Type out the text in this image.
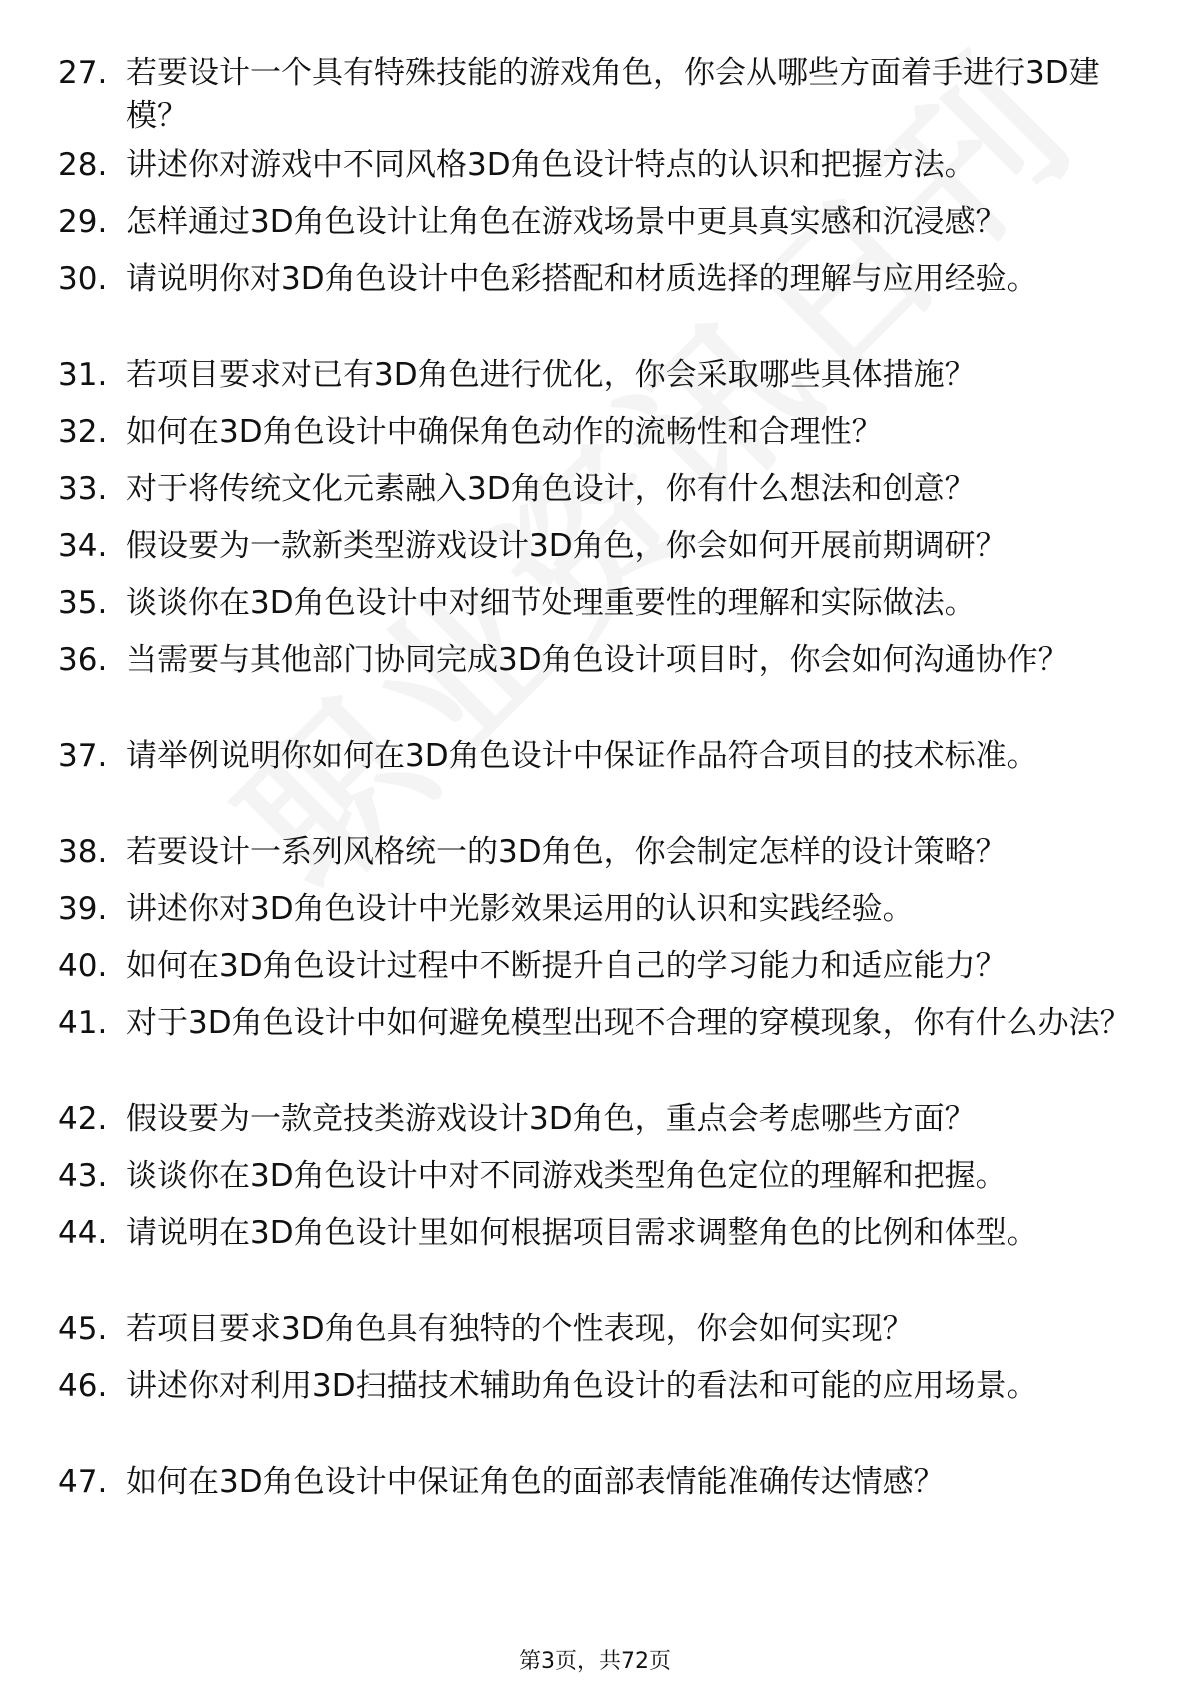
27. 若要设计一个具有特殊技能的游戏角色，你会从哪些方面着手进行3D建模？
28. 讲述你对游戏中不同风格3D角色设计特点的认识和把握方法。
29. 怎样通过3D角色设计让角色在游戏场景中更具真实感和沉浸感？
30. 请说明你对3D角色设计中色彩搭配和材质选择的理解与应用经验。
31. 若项目要求对已有3D角色进行优化，你会采取哪些具体措施？
32. 如何在3D角色设计中确保角色动作的流畅性和合理性？
33. 对于将传统文化元素融入3D角色设计，你有什么想法和创意？
34. 假设要为一款新类型游戏设计3D角色，你会如何开展前期调研？
35. 谈谈你在3D角色设计中对细节处理重要性的理解和实际做法。
36. 当需要与其他部门协同完成3D角色设计项目时，你会如何沟通协作？
37. 请举例说明你如何在3D角色设计中保证作品符合项目的技术标准。
38. 若要设计一系列风格统一的3D角色，你会制定怎样的设计策略？
39. 讲述你对3D角色设计中光影效果运用的认识和实践经验。
40. 如何在3D角色设计过程中不断提升自己的学习能力和适应能力？
41. 对于3D角色设计中如何避免模型出现不合理的穿模现象，你有什么办法？
42. 假设要为一款竞技类游戏设计3D角色，重点会考虑哪些方面？
43. 谈谈你在3D角色设计中对不同游戏类型角色定位的理解和把握。
44. 请说明在3D角色设计里如何根据项目需求调整角色的比例和体型。
45. 若项目要求3D角色具有独特的个性表现，你会如何实现？
46. 讲述你对利用3D扫描技术辅助角色设计的看法和可能的应用场景。
47. 如何在3D角色设计中保证角色的面部表情能准确传达情感？
第3页，共72页
